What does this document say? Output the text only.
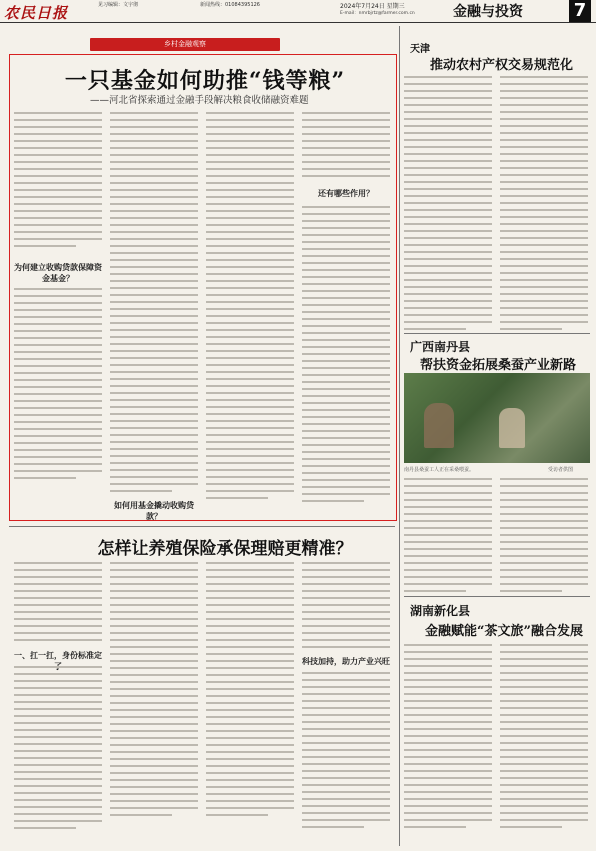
农民日报	见习编辑：文宇彻	新闻热线：01084395126	2024年7月24日 星期三
E-mail：nmrbjrtz@farmer.com.cn	金融与投资	7
乡村金融观察
一只基金如何助推“钱等粮”
——河北省探索通过金融手段解决粮食收储融资难题
为何建立收购贷款保障资金基金？
如何用基金撬动收购贷款？
还有哪些作用？
怎样让养殖保险承保理赔更精准？
一、扛一扛，身份标准定
科技加持，助力产业兴旺
天津
推动农村产权交易规范化
广西南丹县
帮扶资金拓展桑蚕产业新路
南丹县桑蚕工人正在采桑喂蚕。	受访者供图
湖南新化县
金融赋能“茶文旅”融合发展
